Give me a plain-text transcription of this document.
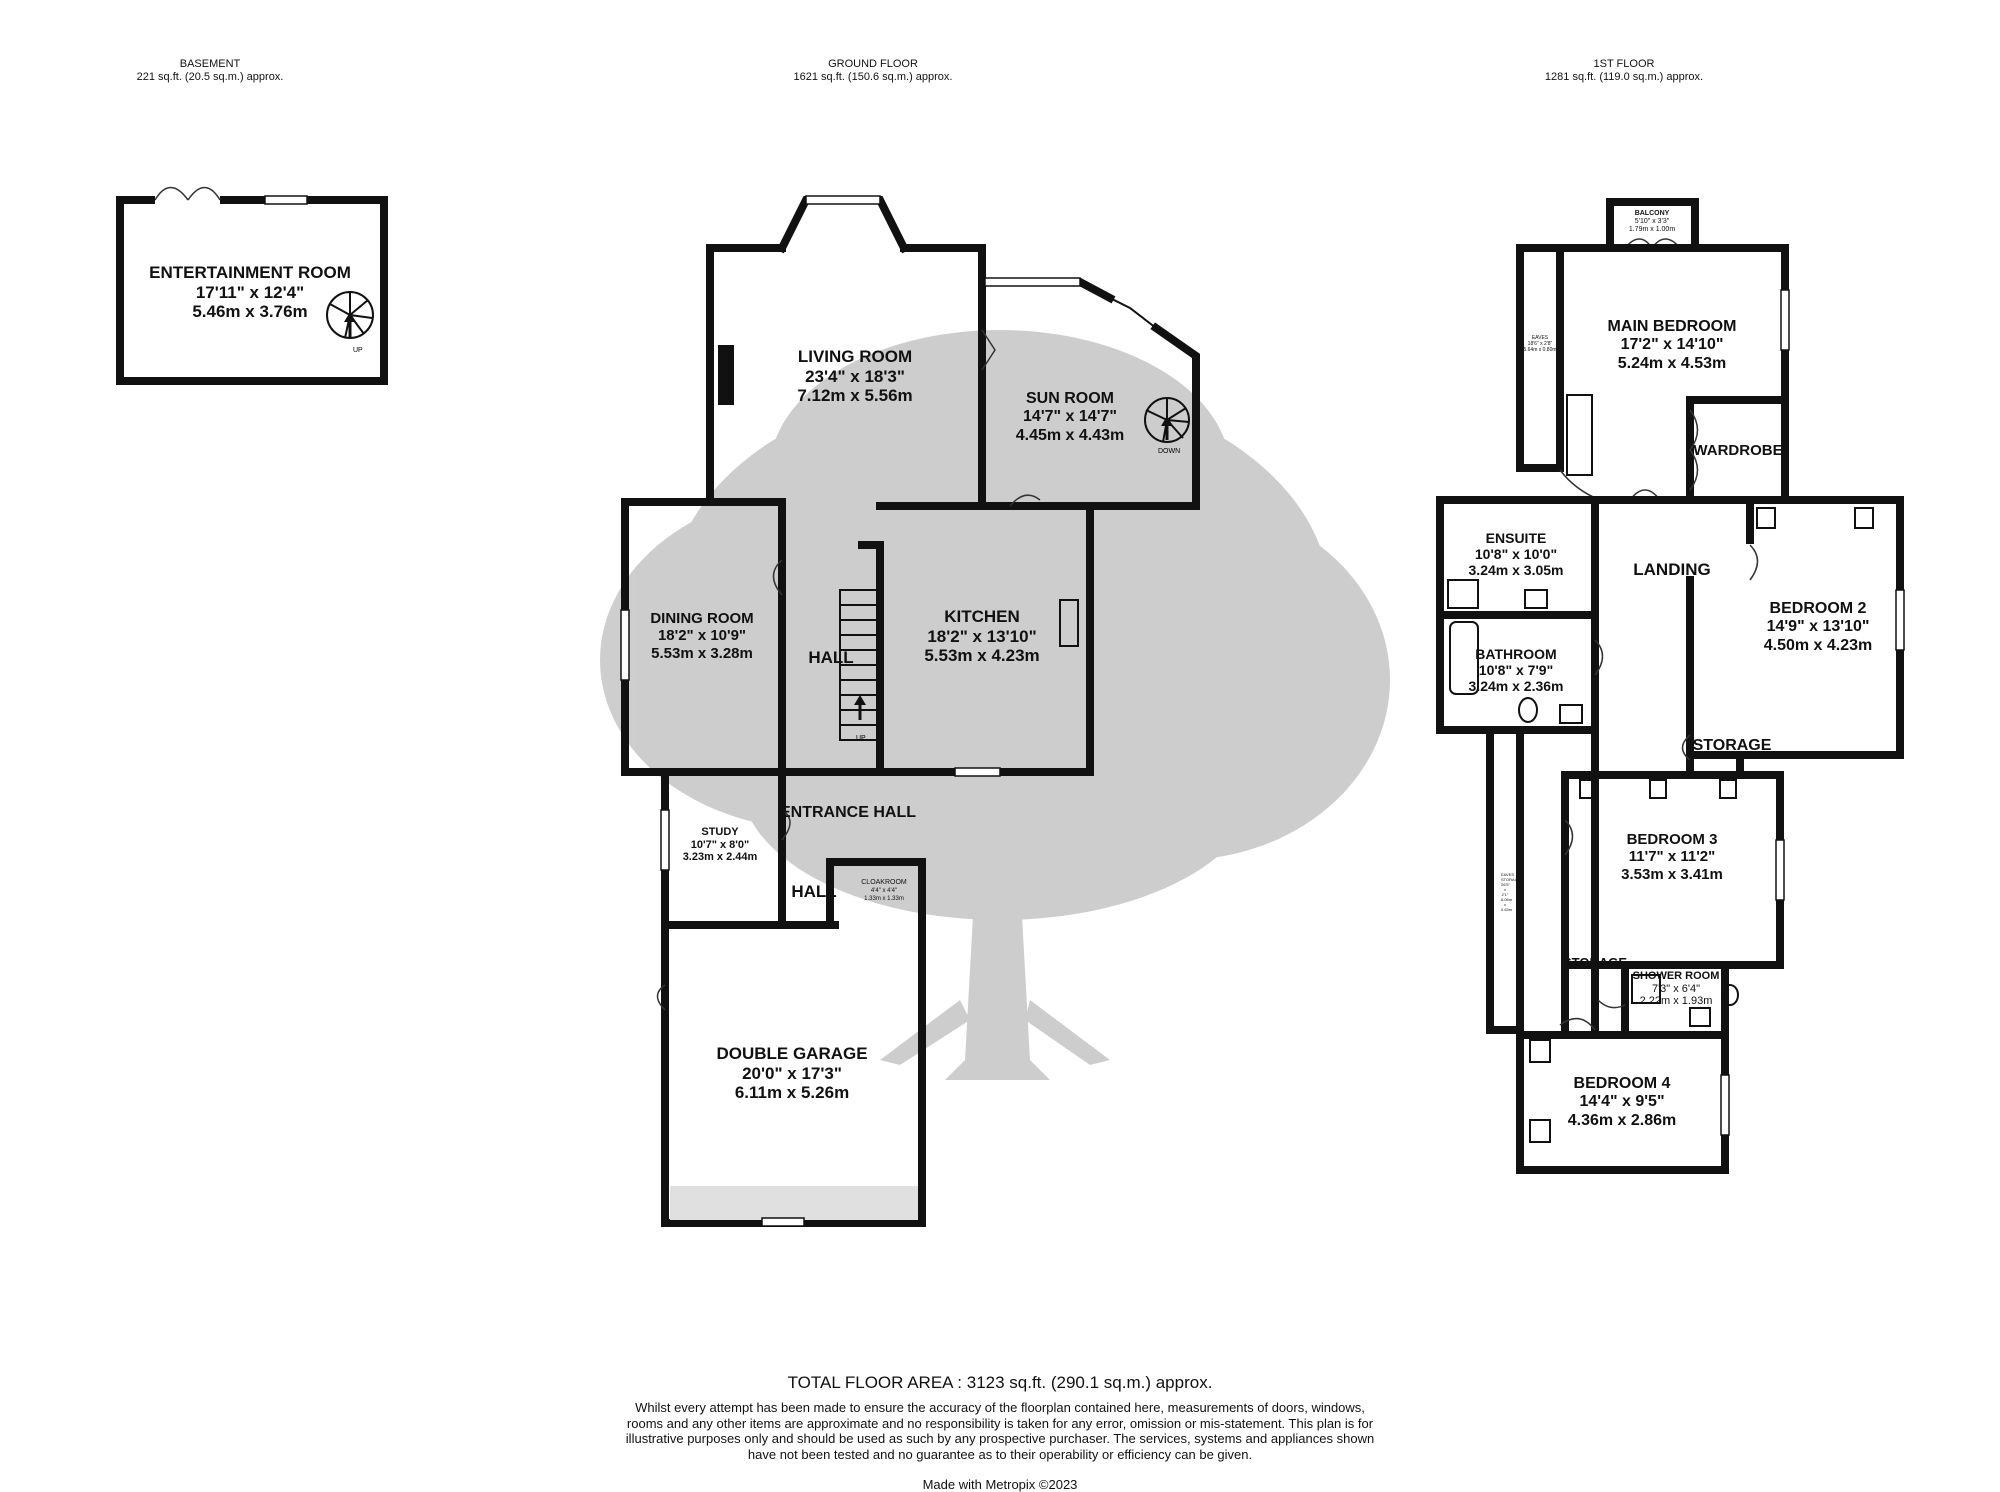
UP
DOWN
UP
BASEMENT
221 sq.ft. (20.5 sq.m.) approx.
GROUND FLOOR
1621 sq.ft. (150.6 sq.m.) approx.
1ST FLOOR
1281 sq.ft. (119.0 sq.m.) approx.
ENTERTAINMENT ROOM
17'11" x 12'4"
5.46m x 3.76m
LIVING ROOM
23'4" x 18'3"
7.12m x 5.56m	SUN ROOM
14'7" x 14'7"
4.45m x 4.43m
DINING ROOM
18'2" x 10'9"
5.53m x 3.28m
KITCHEN
18'2" x 13'10"
5.53m x 4.23m
HALL
ENTRANCE HALL
STUDY
10'7" x 8'0"
3.23m x 2.44m
HALL	CLOAKROOM
4'4" x 4'4"
1.33m x 1.33m
DOUBLE GARAGE
20'0" x 17'3"
6.11m x 5.26m
BALCONY
5'10" x 3'3"
1.79m x 1.00m
EAVES
18'6" x 2'8"
5.64m x 0.80m
MAIN BEDROOM
17'2" x 14'10"
5.24m x 4.53m
WARDROBE
ENSUITE
10'8" x 10'0"
3.24m x 3.05m	LANDING
BEDROOM 2
14'9" x 13'10"
4.50m x 4.23m
BATHROOM
10'8" x 7'9"
3.24m x 2.36m
STORAGE
BEDROOM 3
11'7" x 11'2"
3.53m x 3.41m
EAVES STORAGE
26'5" x 2'1"
8.05m x 0.63m
STORAGE
SHOWER ROOM
7'3" x 6'4"
2.22m x 1.93m
BEDROOM 4
14'4" x 9'5"
4.36m x 2.86m
TOTAL FLOOR AREA : 3123 sq.ft. (290.1 sq.m.) approx.
Whilst every attempt has been made to ensure the accuracy of the floorplan contained here, measurements of doors, windows, rooms and any other items are approximate and no responsibility is taken for any error, omission or mis-statement. This plan is for illustrative purposes only and should be used as such by any prospective purchaser. The services, systems and appliances shown have not been tested and no guarantee as to their operability or efficiency can be given.
Made with Metropix ©2023
